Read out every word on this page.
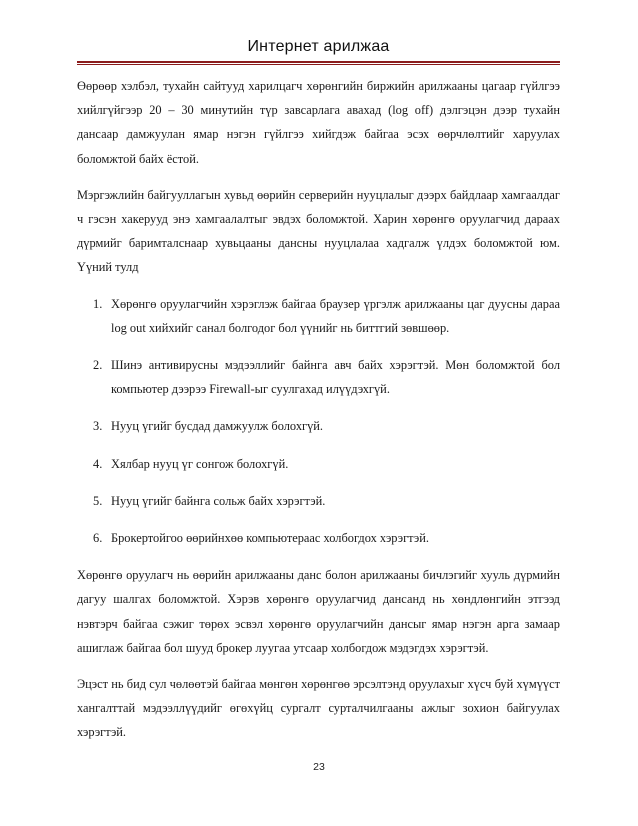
Интернет арилжаа

Өөрөөр хэлбэл, тухайн сайтууд харилцагч хөрөнгийн биржийн арилжааны цагаар гүйлгээ хийлгүйгээр 20 – 30 минутийн түр завсарлага авахад (log off) дэлгэцэн дээр тухайн дансаар дамжуулан ямар нэгэн гүйлгээ хийгдэж байгаа эсэх өөрчлөлтийг харуулах боломжтой байх ёстой.

Мэргэжлийн байгууллагын хувьд өөрийн серверийн нууцлалыг дээрх байдлаар хамгаалдаг ч гэсэн хакерууд энэ хамгаалалтыг эвдэх боломжтой. Харин хөрөнгө оруулагчид дараах дүрмийг баримталснаар хувьцааны дансны нууцлалаа хадгалж үлдэх боломжтой юм. Үүний тулд

1. Хөрөнгө оруулагчийн хэрэглэж байгаа браузер үргэлж арилжааны цаг дуусны дараа log out хийхийг санал болгодог бол үүнийг нь биттгий зөвшөөр.
2. Шинэ антивирусны мэдээллийг байнга авч байх хэрэгтэй. Мөн боломжтой бол компьютер дээрээ Firewall-ыг суулгахад илүүдэхгүй.
3. Нууц үгийг бусдад дамжуулж болохгүй.
4. Хялбар нууц үг сонгож болохгүй.
5. Нууц үгийг байнга сольж байх хэрэгтэй.
6. Брокертойгоо өөрийнхөө компьютераас холбогдох хэрэгтэй.

Хөрөнгө оруулагч нь өөрийн арилжааны данс болон арилжааны бичлэгийг хууль дүрмийн дагуу шалгах боломжтой. Хэрэв хөрөнгө оруулагчид дансанд нь хөндлөнгийн этгээд нэвтэрч байгаа сэжиг төрөх эсвэл хөрөнгө оруулагчийн дансыг ямар нэгэн арга замаар ашиглаж байгаа бол шууд брокер луугаа утсаар холбогдож мэдэгдэх хэрэгтэй.

Эцэст нь бид сул чөлөөтэй байгаа мөнгөн хөрөнгөө эрсэлтэнд оруулахыг хүсч буй хүмүүст хангалттай мэдээллүүдийг өгөхүйц сургалт сурталчилгааны ажлыг зохион байгуулах хэрэгтэй.

23
